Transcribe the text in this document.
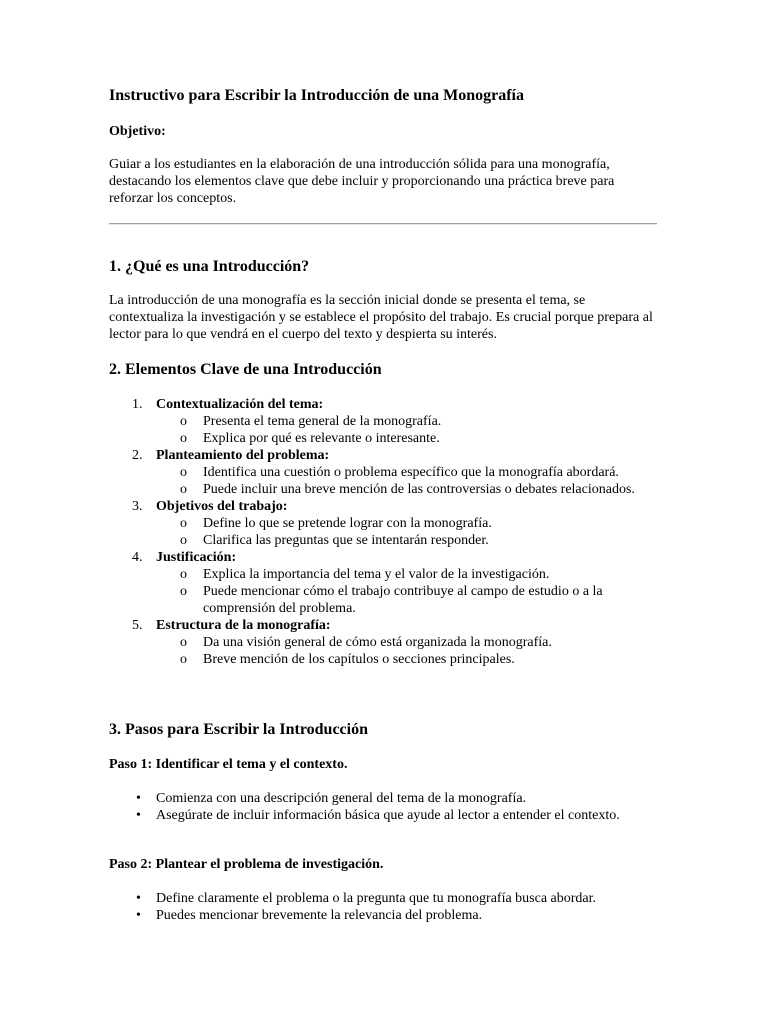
Instructivo para Escribir la Introducción de una Monografía

Objetivo:

Guiar a los estudiantes en la elaboración de una introducción sólida para una monografía, destacando los elementos clave que debe incluir y proporcionando una práctica breve para reforzar los conceptos.

1. ¿Qué es una Introducción?

La introducción de una monografía es la sección inicial donde se presenta el tema, se contextualiza la investigación y se establece el propósito del trabajo. Es crucial porque prepara al lector para lo que vendrá en el cuerpo del texto y despierta su interés.

2. Elementos Clave de una Introducción
1. Contextualización del tema:
o Presenta el tema general de la monografía.
o Explica por qué es relevante o interesante.
2. Planteamiento del problema:
o Identifica una cuestión o problema específico que la monografía abordará.
o Puede incluir una breve mención de las controversias o debates relacionados.
3. Objetivos del trabajo:
o Define lo que se pretende lograr con la monografía.
o Clarifica las preguntas que se intentarán responder.
4. Justificación:
o Explica la importancia del tema y el valor de la investigación.
o Puede mencionar cómo el trabajo contribuye al campo de estudio o a la comprensión del problema.
5. Estructura de la monografía:
o Da una visión general de cómo está organizada la monografía.
o Breve mención de los capítulos o secciones principales.
3. Pasos para Escribir la Introducción

Paso 1: Identificar el tema y el contexto.

• Comienza con una descripción general del tema de la monografía.
• Asegúrate de incluir información básica que ayude al lector a entender el contexto.

Paso 2: Plantear el problema de investigación.

• Define claramente el problema o la pregunta que tu monografía busca abordar.
• Puedes mencionar brevemente la relevancia del problema.
